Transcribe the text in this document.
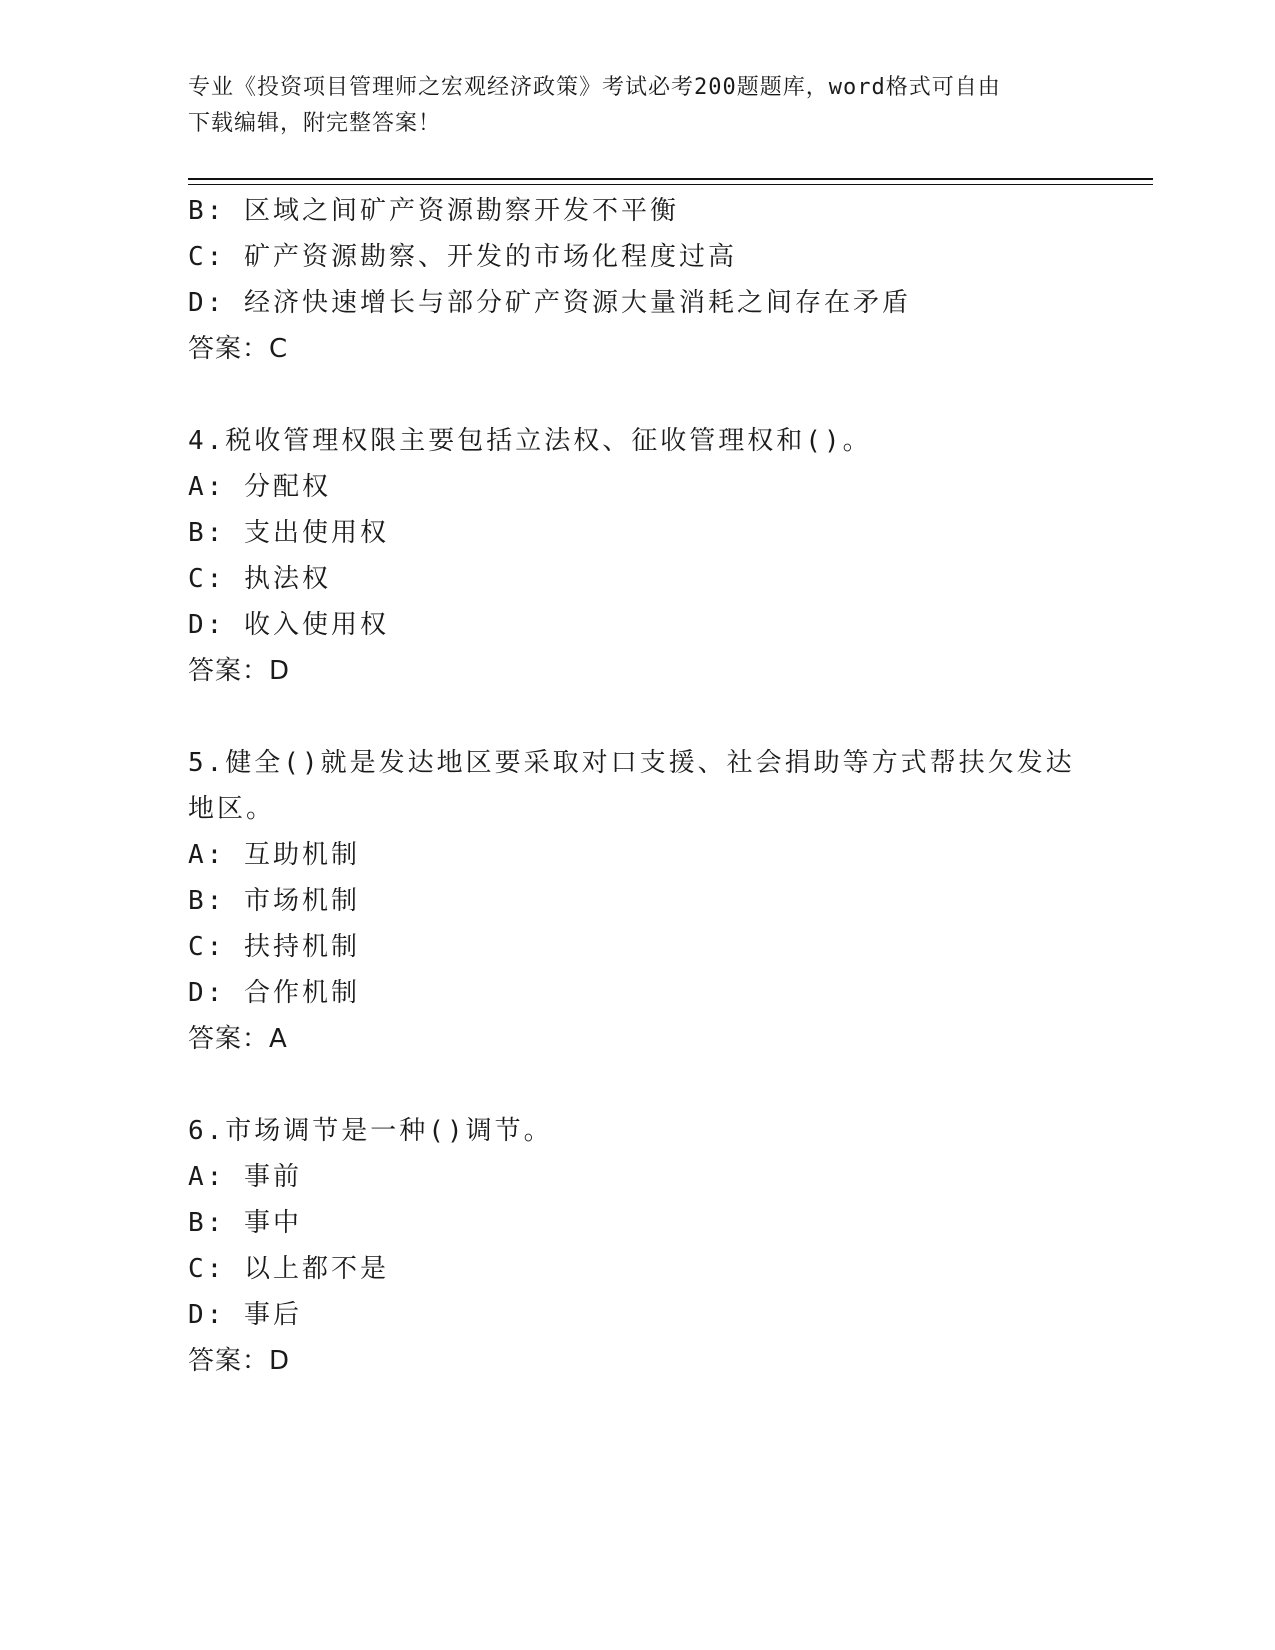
专业《投资项目管理师之宏观经济政策》考试必考200题题库，word格式可自由
下载编辑，附完整答案！
B: 区域之间矿产资源勘察开发不平衡
C: 矿产资源勘察、开发的市场化程度过高
D: 经济快速增长与部分矿产资源大量消耗之间存在矛盾
答案：C
4.税收管理权限主要包括立法权、征收管理权和()。
A: 分配权
B: 支出使用权
C: 执法权
D: 收入使用权
答案：D
5.健全()就是发达地区要采取对口支援、社会捐助等方式帮扶欠发达
地区。
A: 互助机制
B: 市场机制
C: 扶持机制
D: 合作机制
答案：A
6.市场调节是一种()调节。
A: 事前
B: 事中
C: 以上都不是
D: 事后
答案：D
